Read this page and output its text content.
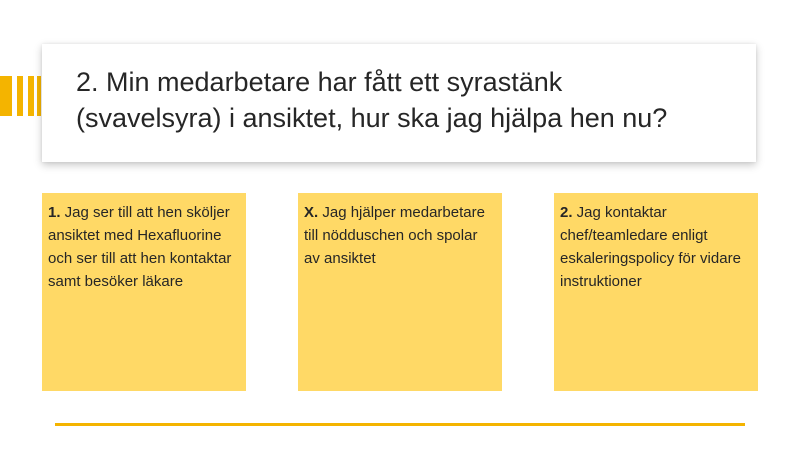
2. Min medarbetare har fått ett syrastänk
(svavelsyra) i ansiktet, hur ska jag hjälpa hen nu?

1. Jag ser till att hen sköljer ansiktet med Hexafluorine och ser till att hen kontaktar samt besöker läkare
X. Jag hjälper medarbetare till nödduschen och spolar av ansiktet
2. Jag kontaktar chef/teamledare enligt eskaleringspolicy för vidare instruktioner
